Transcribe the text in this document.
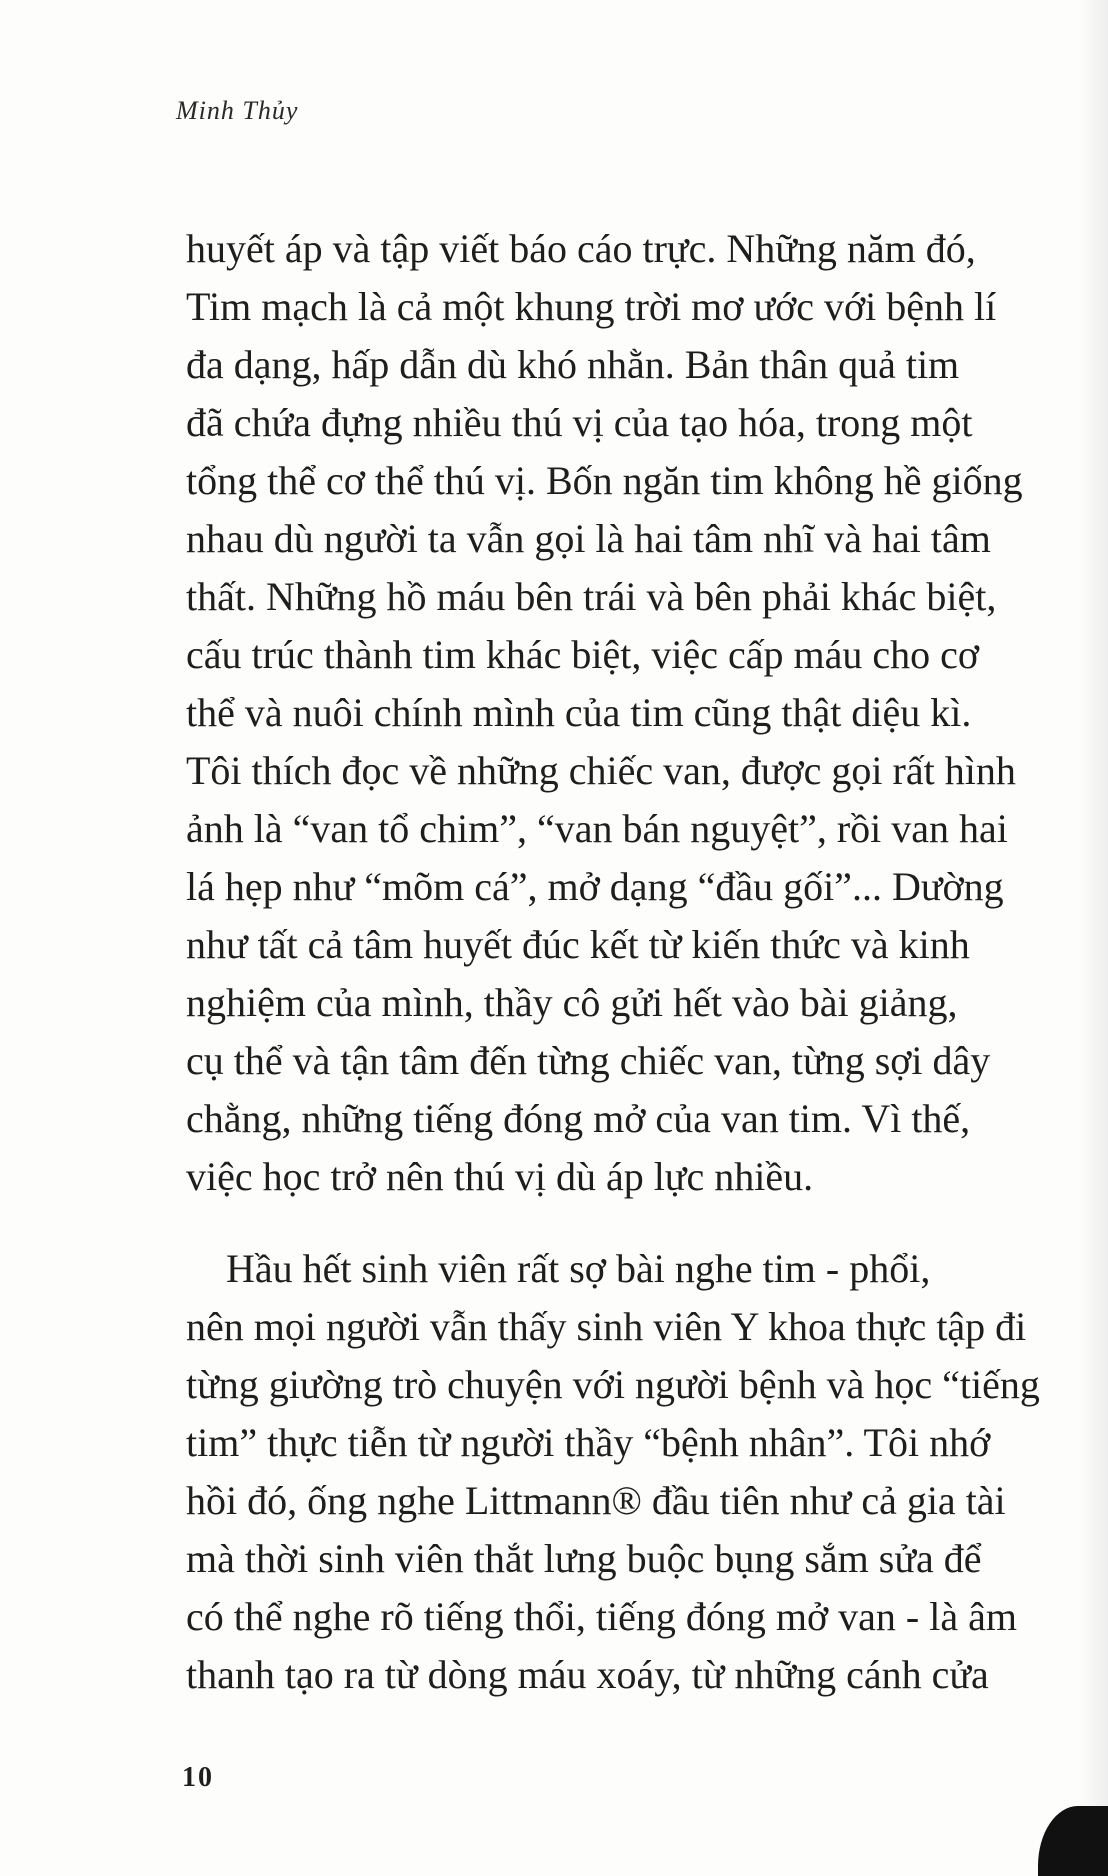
Minh Thủy
huyết áp và tập viết báo cáo trực. Những năm đó,
Tim mạch là cả một khung trời mơ ước với bệnh lí
đa dạng, hấp dẫn dù khó nhằn. Bản thân quả tim
đã chứa đựng nhiều thú vị của tạo hóa, trong một
tổng thể cơ thể thú vị. Bốn ngăn tim không hề giống
nhau dù người ta vẫn gọi là hai tâm nhĩ và hai tâm
thất. Những hồ máu bên trái và bên phải khác biệt,
cấu trúc thành tim khác biệt, việc cấp máu cho cơ
thể và nuôi chính mình của tim cũng thật diệu kì.
Tôi thích đọc về những chiếc van, được gọi rất hình
ảnh là “van tổ chim”, “van bán nguyệt”, rồi van hai
lá hẹp như “mõm cá”, mở dạng “đầu gối”... Dường
như tất cả tâm huyết đúc kết từ kiến thức và kinh
nghiệm của mình, thầy cô gửi hết vào bài giảng,
cụ thể và tận tâm đến từng chiếc van, từng sợi dây
chằng, những tiếng đóng mở của van tim. Vì thế,
việc học trở nên thú vị dù áp lực nhiều.
Hầu hết sinh viên rất sợ bài nghe tim - phổi,
nên mọi người vẫn thấy sinh viên Y khoa thực tập đi
từng giường trò chuyện với người bệnh và học “tiếng
tim” thực tiễn từ người thầy “bệnh nhân”. Tôi nhớ
hồi đó, ống nghe Littmann® đầu tiên như cả gia tài
mà thời sinh viên thắt lưng buộc bụng sắm sửa để
có thể nghe rõ tiếng thổi, tiếng đóng mở van - là âm
thanh tạo ra từ dòng máu xoáy, từ những cánh cửa
10
